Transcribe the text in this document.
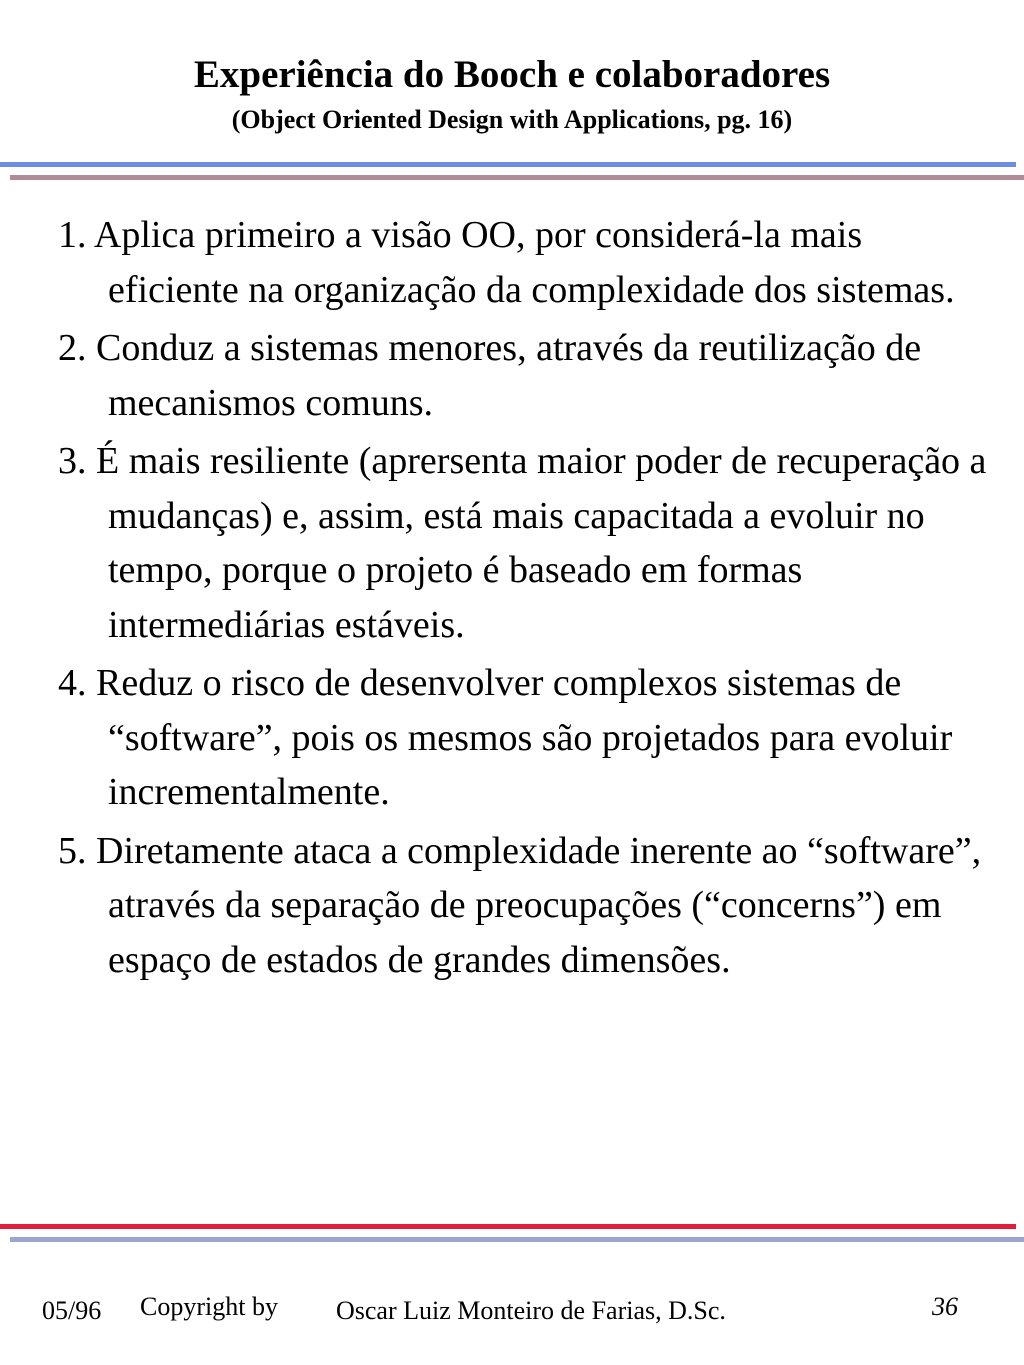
Experiência do Booch e colaboradores
(Object Oriented Design with Applications, pg. 16)
1. Aplica primeiro a visão OO, por considerá-la mais eficiente na organização da complexidade dos sistemas.
2. Conduz a sistemas menores, através da reutilização de mecanismos comuns.
3. É mais resiliente (aprersenta maior poder de recuperação a mudanças) e, assim, está mais capacitada a evoluir no tempo, porque o projeto é baseado em formas intermediárias estáveis.
4. Reduz o risco de desenvolver complexos sistemas de “software”, pois os mesmos são projetados para evoluir incrementalmente.
5. Diretamente ataca a complexidade inerente ao “software”, através da separação de preocupações (“concerns”) em espaço de estados de grandes dimensões.
05/96 Copyright by Oscar Luiz Monteiro de Farias, D.Sc.	36
